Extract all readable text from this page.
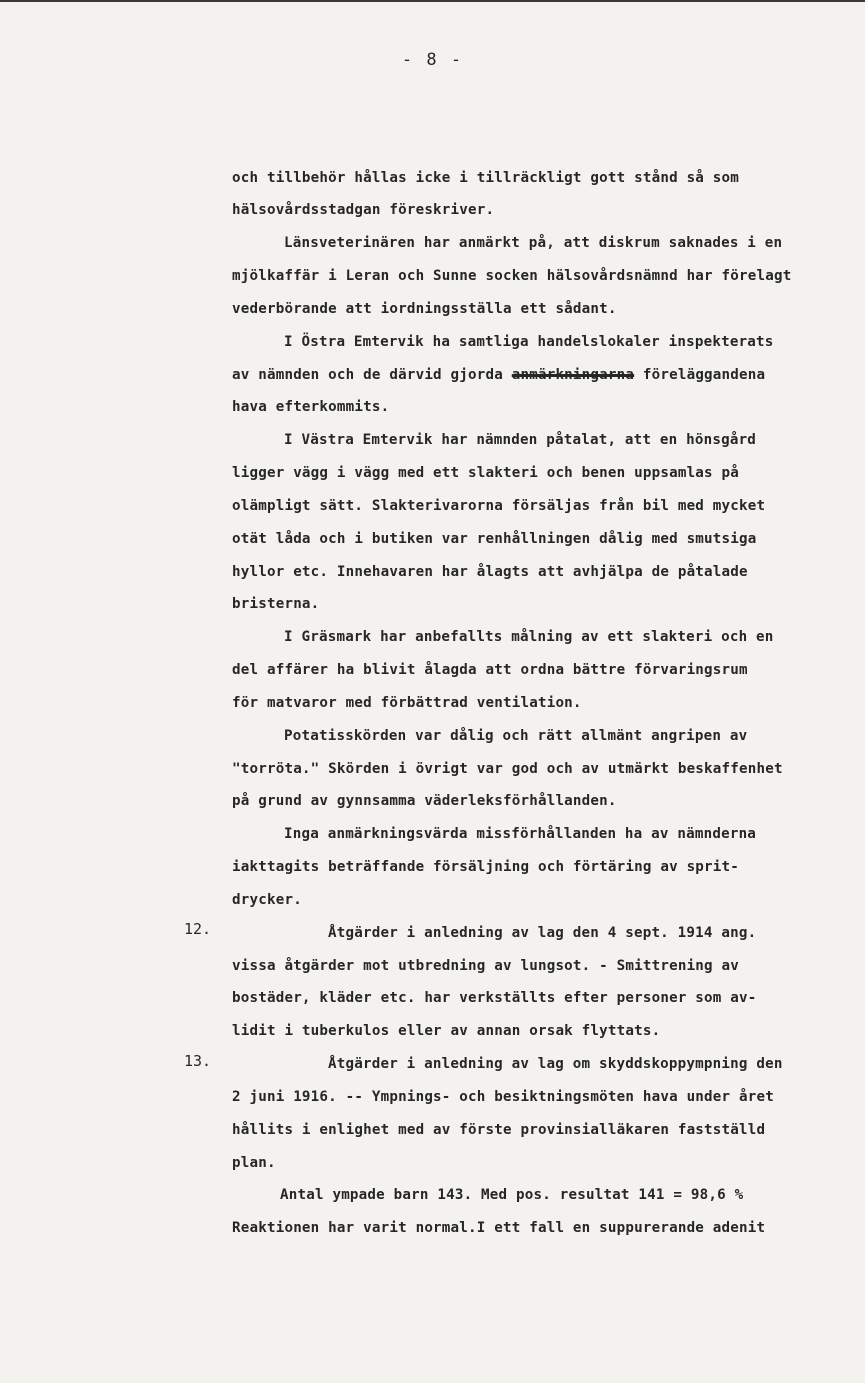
- 8 -
och tillbehör hållas icke i tillräckligt gott stånd så som
hälsovårdsstadgan föreskriver.
Länsveterinären har anmärkt på, att diskrum saknades i en
mjölkaffär i Leran och Sunne socken hälsovårdsnämnd har förelagt
vederbörande att iordningsställa ett sådant.
I Östra Emtervik ha samtliga handelslokaler inspekterats
av nämnden och de därvid gjorda anmärkningarna föreläggandena
hava efterkommits.
I Västra Emtervik har nämnden påtalat, att en hönsgård
ligger vägg i vägg med ett slakteri och benen uppsamlas på
olämpligt sätt. Slakterivarorna försäljas från bil med mycket
otät låda och i butiken var renhållningen dålig med smutsiga
hyllor etc. Innehavaren har ålagts att avhjälpa de påtalade
bristerna.
I Gräsmark har anbefallts målning av ett slakteri och en
del affärer ha blivit ålagda att ordna bättre förvaringsrum
för matvaror med förbättrad ventilation.
Potatisskörden var dålig och rätt allmänt angripen av
"torröta." Skörden i övrigt var god och av utmärkt beskaffenhet
på grund av gynnsamma väderleksförhållanden.
Inga anmärkningsvärda missförhållanden ha av nämnderna
iakttagits beträffande försäljning och förtäring av sprit-
drycker.
12.	Åtgärder i anledning av lag den 4 sept. 1914 ang.
vissa åtgärder mot utbredning av lungsot. - Smittrening av
bostäder, kläder etc. har verkställts efter personer som av-
lidit i tuberkulos eller av annan orsak flyttats.
13.	Åtgärder i anledning av lag om skyddskoppympning den
2 juni 1916. -- Ympnings- och besiktningsmöten hava under året
hållits i enlighet med av förste provinsialläkaren fastställd
plan.
Antal ympade barn 143. Med pos. resultat 141 = 98,6 %
Reaktionen har varit normal.I ett fall en suppurerande adenit
